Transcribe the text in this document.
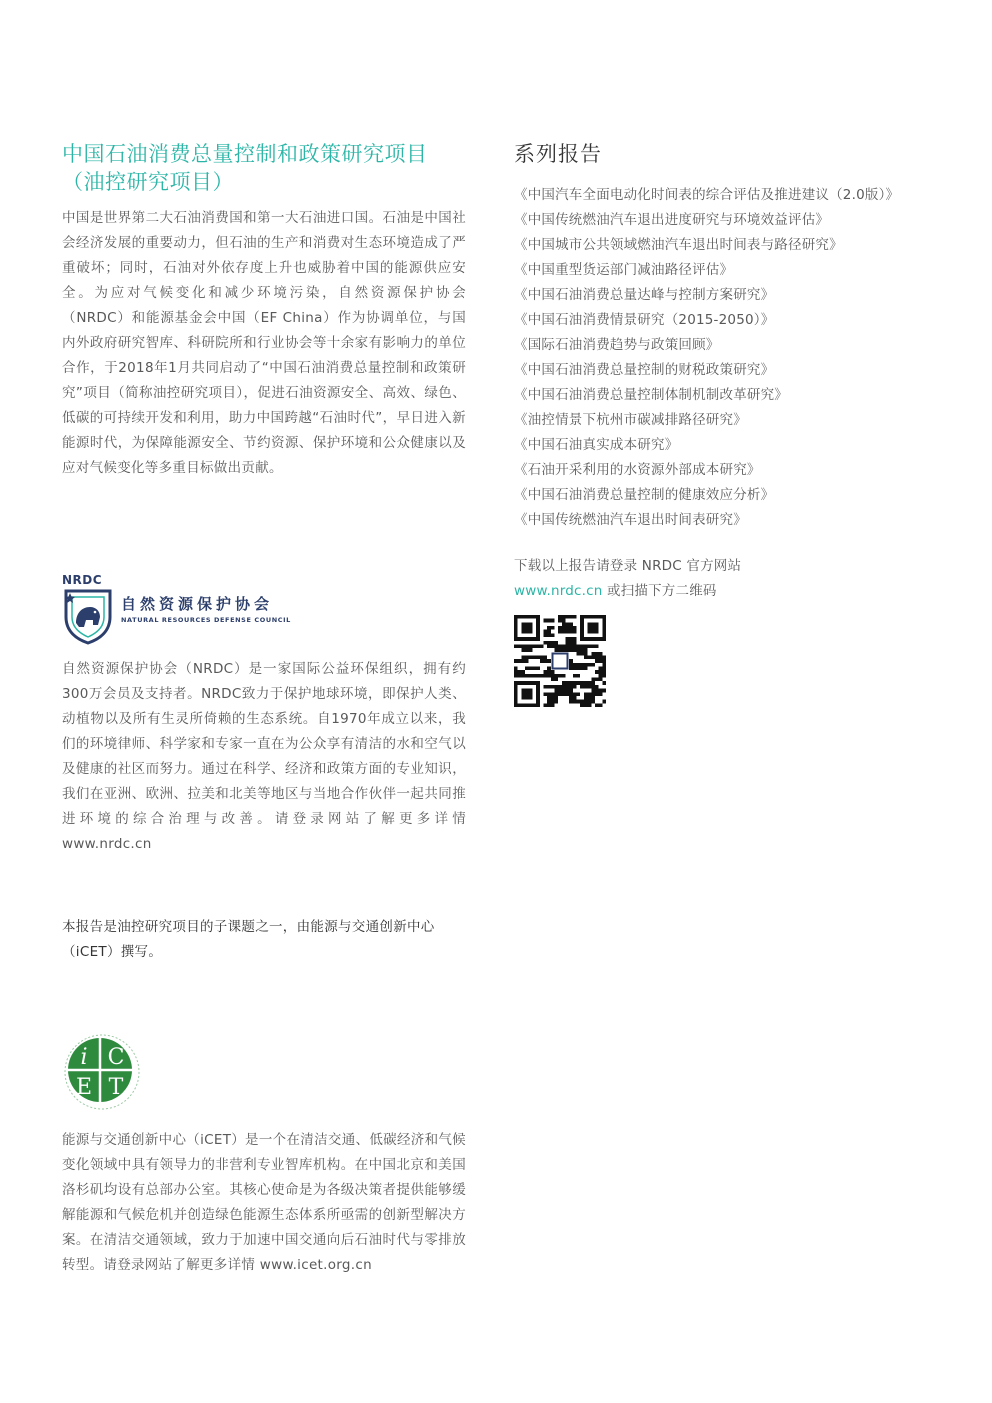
中国石油消费总量控制和政策研究项目
（油控研究项目）

中国是世界第二大石油消费国和第一大石油进口国。石油是中国社会经济发展的重要动力，但石油的生产和消费对生态环境造成了严重破坏；同时，石油对外依存度上升也威胁着中国的能源供应安全。为应对气候变化和减少环境污染，自然资源保护协会（NRDC）和能源基金会中国（EF China）作为协调单位，与国内外政府研究智库、科研院所和行业协会等十余家有影响力的单位合作，于2018年1月共同启动了“中国石油消费总量控制和政策研究”项目（简称油控研究项目），促进石油资源安全、高效、绿色、低碳的可持续开发和利用，助力中国跨越“石油时代”，早日进入新能源时代，为保障能源安全、节约资源、保护环境和公众健康以及应对气候变化等多重目标做出贡献。

NRDC
自然资源保护协会
NATURAL RESOURCES DEFENSE COUNCIL

自然资源保护协会（NRDC）是一家国际公益环保组织，拥有约300万会员及支持者。NRDC致力于保护地球环境，即保护人类、动植物以及所有生灵所倚赖的生态系统。自1970年成立以来，我们的环境律师、科学家和专家一直在为公众享有清洁的水和空气以及健康的社区而努力。通过在科学、经济和政策方面的专业知识，我们在亚洲、欧洲、拉美和北美等地区与当地合作伙伴一起共同推进环境的综合治理与改善。请登录网站了解更多详情 www.nrdc.cn

本报告是油控研究项目的子课题之一，由能源与交通创新中心（iCET）撰写。

i C
E T

能源与交通创新中心（iCET）是一个在清洁交通、低碳经济和气候变化领域中具有领导力的非营利专业智库机构。在中国北京和美国洛杉矶均设有总部办公室。其核心使命是为各级决策者提供能够缓解能源和气候危机并创造绿色能源生态体系所亟需的创新型解决方案。在清洁交通领域，致力于加速中国交通向后石油时代与零排放转型。请登录网站了解更多详情 www.icet.org.cn

系列报告
《中国汽车全面电动化时间表的综合评估及推进建议（2.0版）》
《中国传统燃油汽车退出进度研究与环境效益评估》
《中国城市公共领域燃油汽车退出时间表与路径研究》
《中国重型货运部门减油路径评估》
《中国石油消费总量达峰与控制方案研究》
《中国石油消费情景研究（2015-2050）》
《国际石油消费趋势与政策回顾》
《中国石油消费总量控制的财税政策研究》
《中国石油消费总量控制体制机制改革研究》
《油控情景下杭州市碳减排路径研究》
《中国石油真实成本研究》
《石油开采利用的水资源外部成本研究》
《中国石油消费总量控制的健康效应分析》
《中国传统燃油汽车退出时间表研究》
下载以上报告请登录 NRDC 官方网站
www.nrdc.cn 或扫描下方二维码
